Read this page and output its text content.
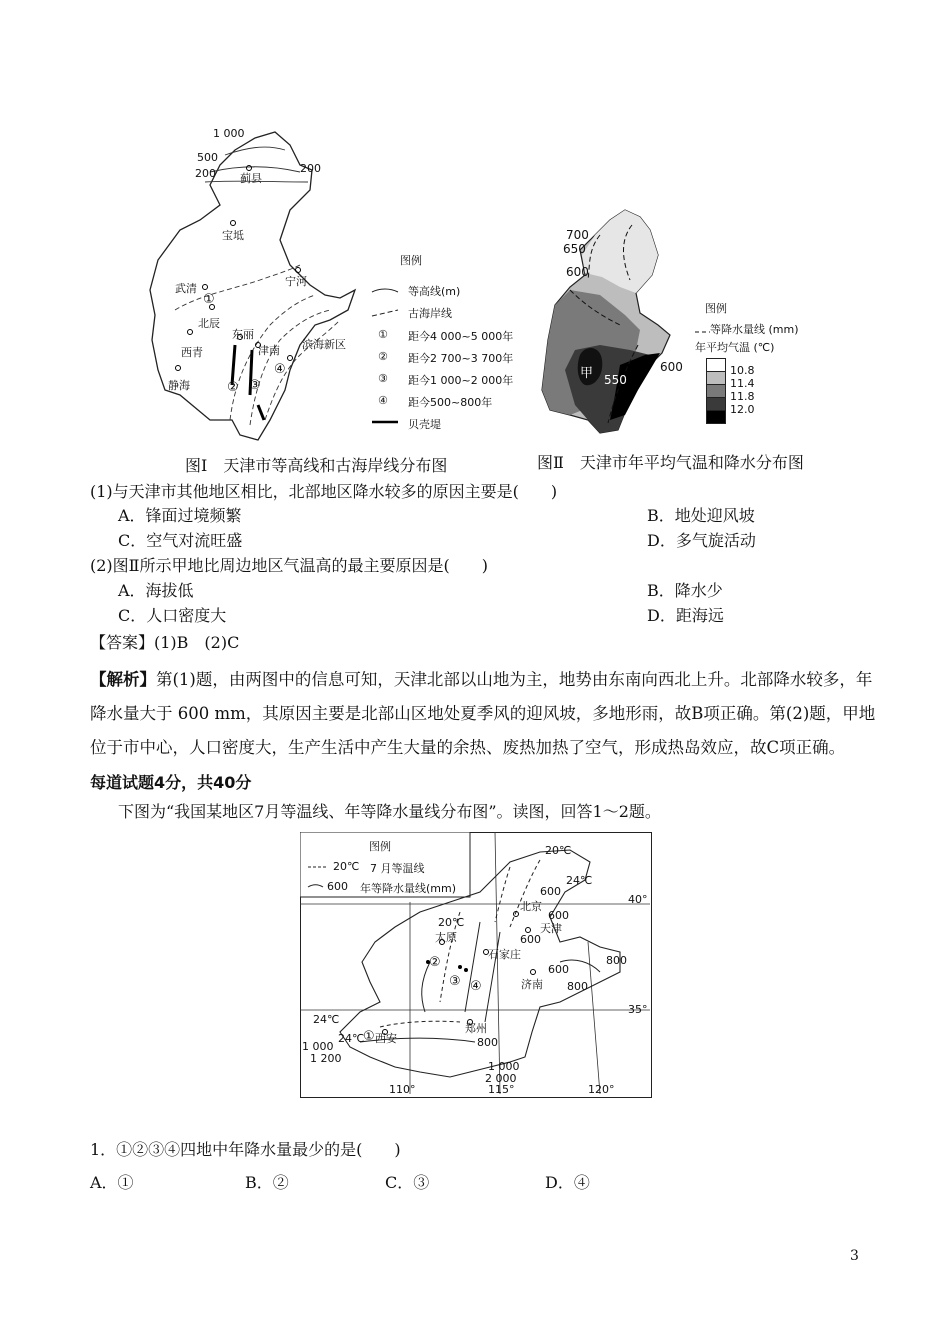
1 000
500
200	200
蓟县
宝坻
宁河
武清
北辰
东丽
津南
西青
静海
滨海新区
①
② ③
④
图例
等高线(m)
古海岸线
① 距今4 000~5 000年
② 距今2 700~3 700年
③ 距今1 000~2 000年
④ 距今500~800年
贝壳堤
图Ⅰ　天津市等高线和古海岸线分布图
700
650
600
600
550
甲
图例
等降水量线 (mm)
年平均气温 (℃)
10.8
11.4
11.8
12.0
图Ⅱ　天津市年平均气温和降水分布图
(1)与天津市其他地区相比，北部地区降水较多的原因主要是(　　)
A．锋面过境频繁	B．地处迎风坡
C．空气对流旺盛	D．多气旋活动
(2)图Ⅱ所示甲地比周边地区气温高的最主要原因是(　　)
A．海拔低	B．降水少
C．人口密度大	D．距海远
【答案】(1)B　(2)C
【解析】第(1)题，由两图中的信息可知，天津北部以山地为主，地势由东南向西北上升。北部降水较多，年降水量大于 600 mm，其原因主要是北部山区地处夏季风的迎风坡，多地形雨，故B项正确。第(2)题，甲地位于市中心，人口密度大，生产生活中产生大量的余热、废热加热了空气，形成热岛效应，故C项正确。
每道试题4分，共40分
下图为“我国某地区7月等温线、年等降水量线分布图”。读图，回答1～2题。
图例
20℃ 7 月等温线
600 年等降水量线(mm)
40°
35°
110°	115°	120°
北京
天津
太原
石家庄
济南
郑州
西安
20℃
24℃
600
600
600
600
800
800
20℃
24℃
1 000
1 200
800
1 000
2 000
24℃
①
②
③ ④
1．①②③④四地中年降水量最少的是(　　)
A．①	B．②	C．③	D．④
3
